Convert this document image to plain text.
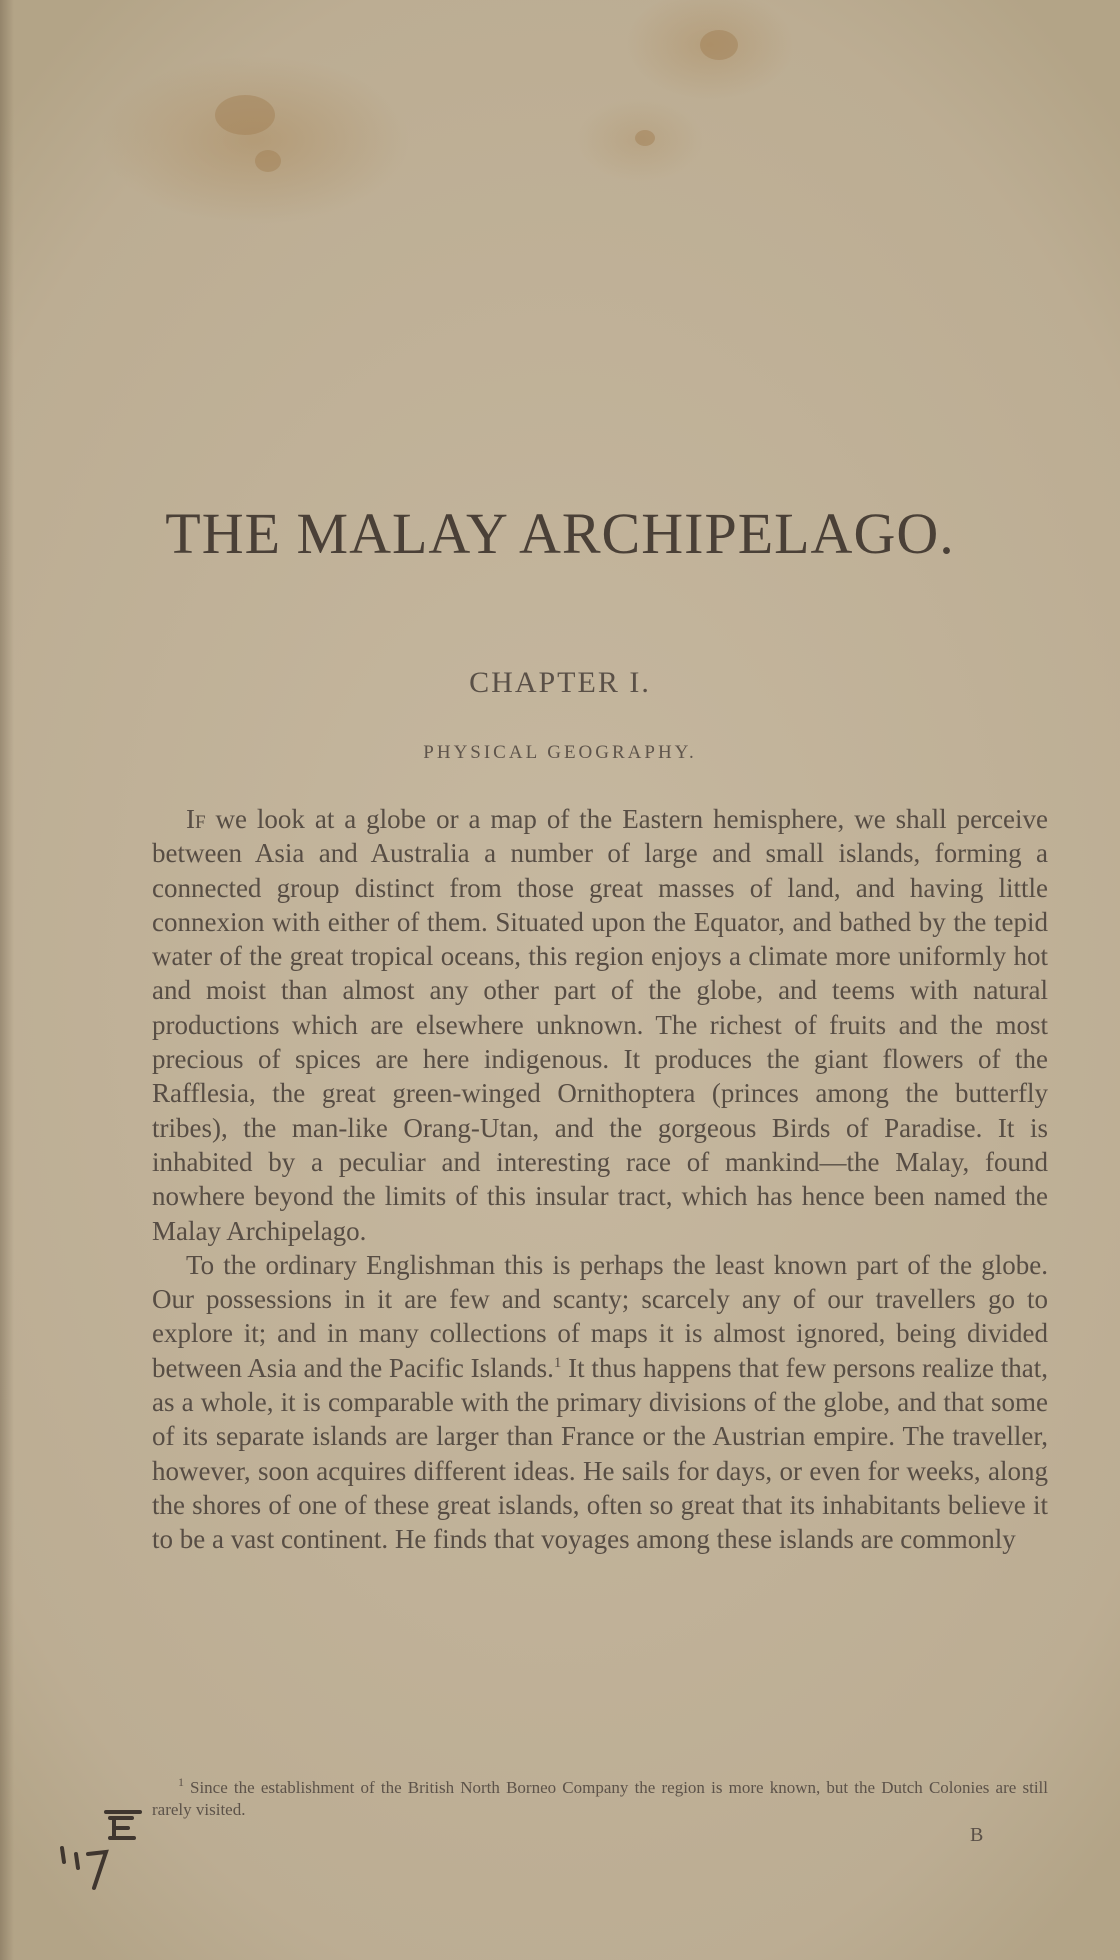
THE MALAY ARCHIPELAGO.
CHAPTER I.
PHYSICAL GEOGRAPHY.

If we look at a globe or a map of the Eastern hemisphere, we shall perceive between Asia and Australia a number of large and small islands, forming a connected group distinct from those great masses of land, and having little connexion with either of them. Situated upon the Equator, and bathed by the tepid water of the great tropical oceans, this region enjoys a climate more uniformly hot and moist than almost any other part of the globe, and teems with natural productions which are elsewhere unknown. The richest of fruits and the most precious of spices are here indigenous. It produces the giant flowers of the Rafflesia, the great green-winged Ornithoptera (princes among the butterfly tribes), the man-like Orang-Utan, and the gorgeous Birds of Paradise. It is inhabited by a peculiar and interesting race of mankind—the Malay, found nowhere beyond the limits of this insular tract, which has hence been named the Malay Archipelago.

To the ordinary Englishman this is perhaps the least known part of the globe. Our possessions in it are few and scanty; scarcely any of our travellers go to explore it; and in many collections of maps it is almost ignored, being divided between Asia and the Pacific Islands.$^1$ It thus happens that few persons realize that, as a whole, it is comparable with the primary divisions of the globe, and that some of its separate islands are larger than France or the Austrian empire. The traveller, however, soon acquires different ideas. He sails for days, or even for weeks, along the shores of one of these great islands, often so great that its inhabitants believe it to be a vast continent. He finds that voyages among these islands are commonly

$^1$ Since the establishment of the British North Borneo Company the region is more known, but the Dutch Colonies are still rarely visited.
B
